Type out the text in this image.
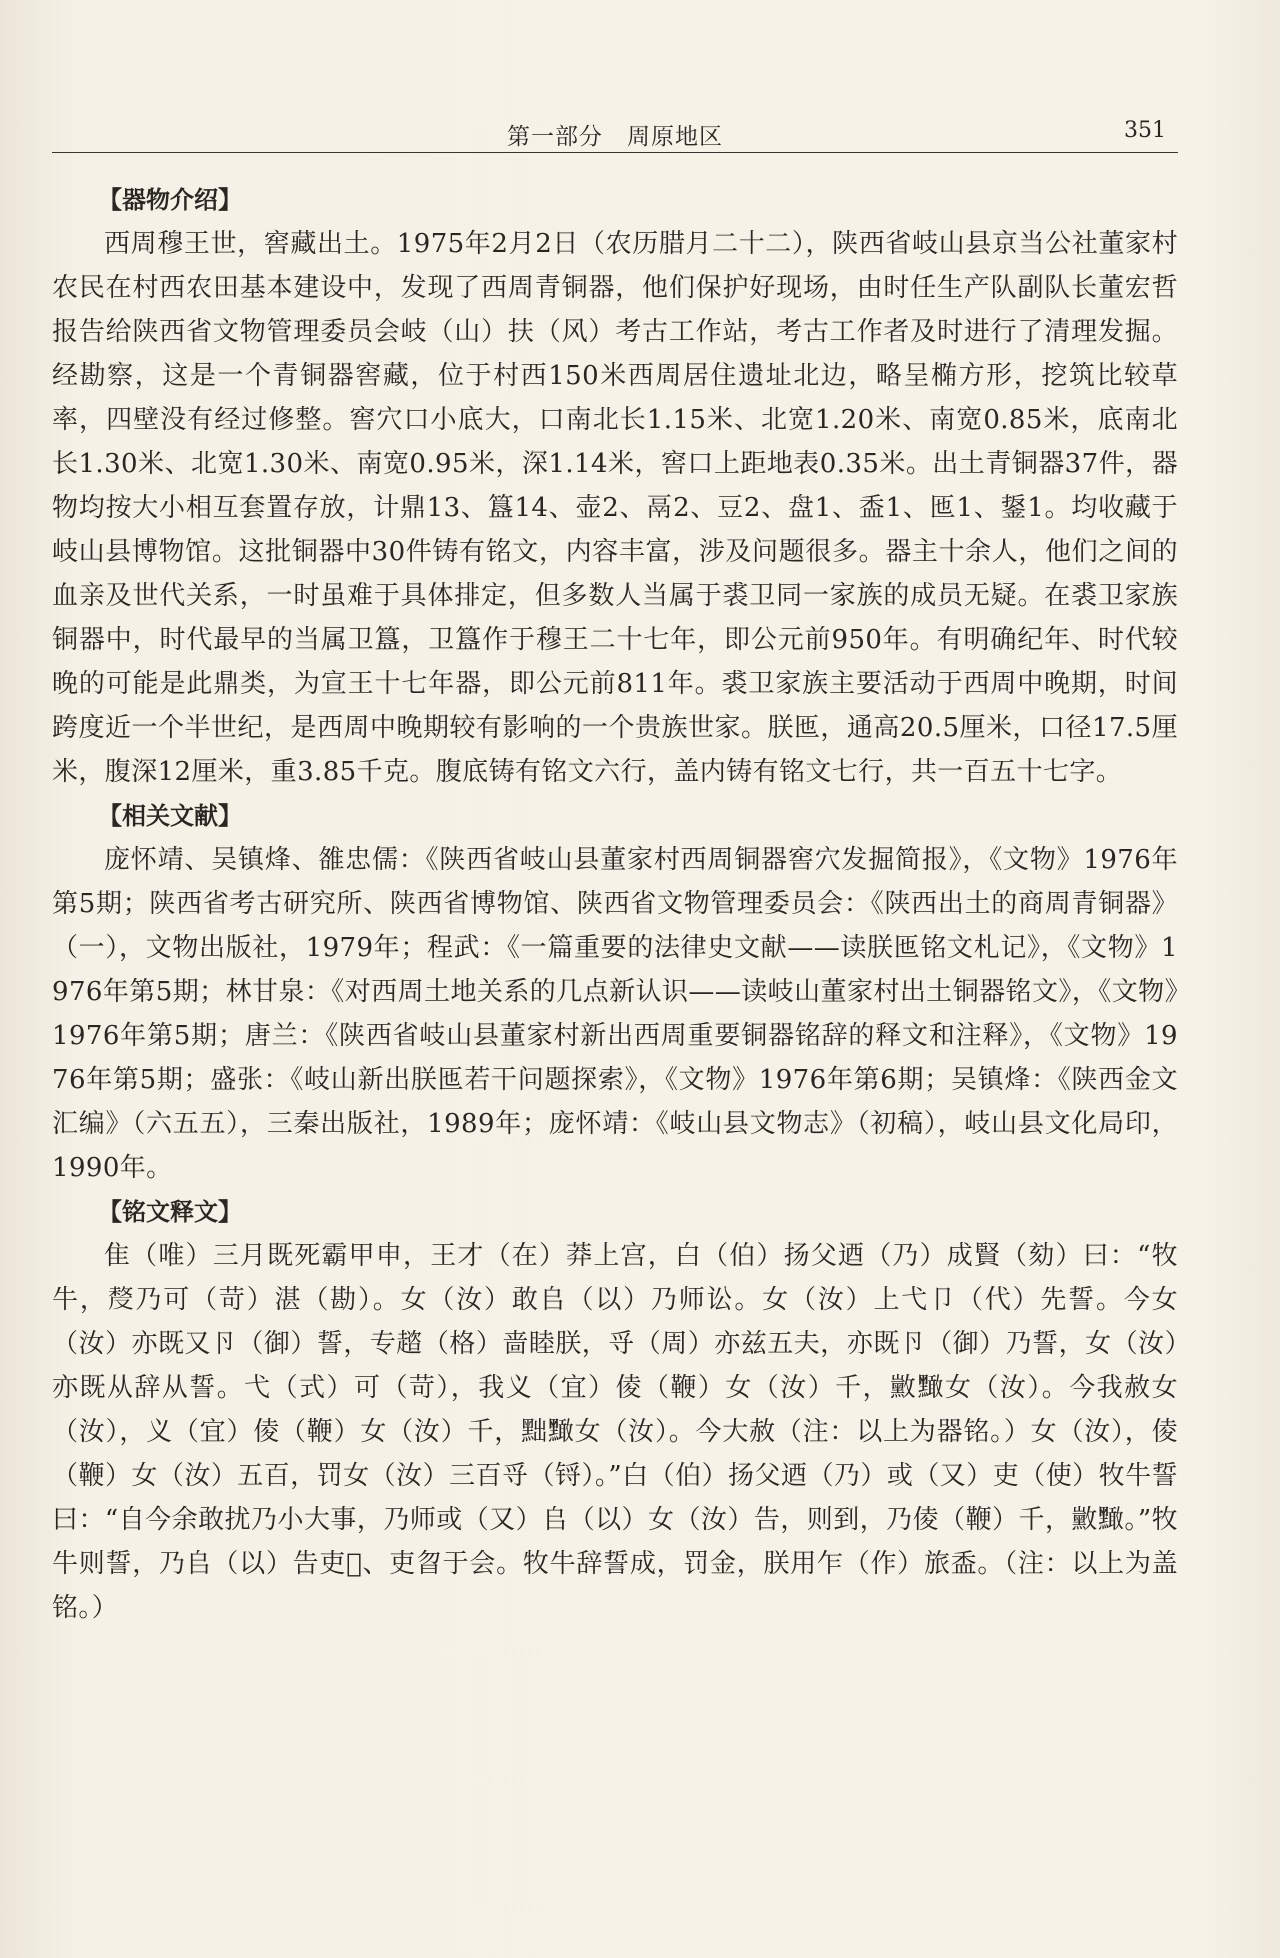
第一部分　周原地区	351
【器物介绍】

西周穆王世，窖藏出土。1975年2月2日（农历腊月二十二），陕西省岐山县京当公社董家村农民在村西农田基本建设中，发现了西周青铜器，他们保护好现场，由时任生产队副队长董宏哲报告给陕西省文物管理委员会岐（山）扶（风）考古工作站，考古工作者及时进行了清理发掘。经勘察，这是一个青铜器窖藏，位于村西150米西周居住遗址北边，略呈椭方形，挖筑比较草率，四壁没有经过修整。窖穴口小底大，口南北长1.15米、北宽1.20米、南宽0.85米，底南北长1.30米、北宽1.30米、南宽0.95米，深1.14米，窖口上距地表0.35米。出土青铜器37件，器物均按大小相互套置存放，计鼎13、簋14、壶2、鬲2、豆2、盘1、盉1、匜1、鋬1。均收藏于岐山县博物馆。这批铜器中30件铸有铭文，内容丰富，涉及问题很多。器主十余人，他们之间的血亲及世代关系，一时虽难于具体排定，但多数人当属于裘卫同一家族的成员无疑。在裘卫家族铜器中，时代最早的当属卫簋，卫簋作于穆王二十七年，即公元前950年。有明确纪年、时代较晚的可能是此鼎类，为宣王十七年器，即公元前811年。裘卫家族主要活动于西周中晚期，时间跨度近一个半世纪，是西周中晚期较有影响的一个贵族世家。朕匜，通高20.5厘米，口径17.5厘米，腹深12厘米，重3.85千克。腹底铸有铭文六行，盖内铸有铭文七行，共一百五十七字。

【相关文献】

庞怀靖、吴镇烽、雒忠儒：《陕西省岐山县董家村西周铜器窖穴发掘简报》，《文物》1976年第5期；陕西省考古研究所、陕西省博物馆、陕西省文物管理委员会：《陕西出土的商周青铜器》（一），文物出版社，1979年；程武：《一篇重要的法律史文献——读朕匜铭文札记》，《文物》1976年第5期；林甘泉：《对西周土地关系的几点新认识——读岐山董家村出土铜器铭文》，《文物》1976年第5期；唐兰：《陕西省岐山县董家村新出西周重要铜器铭辞的释文和注释》，《文物》1976年第5期；盛张：《岐山新出朕匜若干问题探索》，《文物》1976年第6期；吴镇烽：《陕西金文汇编》（六五五），三秦出版社，1989年；庞怀靖：《岐山县文物志》（初稿），岐山县文化局印，1990年。

【铭文释文】

隹（唯）三月既死霸甲申，王才（在）莽上宫，白（伯）扬父迺（乃）成賢（劾）曰：“牧牛，𠭰乃可（苛）湛（勘）。女（汝）敢𠂤（以）乃师讼。女（汝）上弋卩（代）先誓。今女（汝）亦既又卪（御）誓，专趦（格）啬睦朕，寽（周）亦兹五夫，亦既卪（御）乃誓，女（汝）亦既从辞从誓。弋（式）可（苛），我义（宜）倰（鞭）女（汝）千，𪑛𪒠女（汝）。今我赦女（汝），义（宜）倰（鞭）女（汝）千，黜𪒠女（汝）。今大赦（注：以上为器铭。）女（汝），倰（鞭）女（汝）五百，罚女（汝）三百寽（锊）。”白（伯）扬父迺（乃）或（又）吏（使）牧牛誓曰：“自今余敢扰乃小大事，乃师或（又）𠂤（以）女（汝）告，则到，乃倰（鞭）千，𪑛𪒠。”牧牛则誓，乃𠂤（以）告吏𡵧、吏曶于会。牧牛辞誓成，罚金，朕用乍（作）旅盉。（注：以上为盖铭。）
